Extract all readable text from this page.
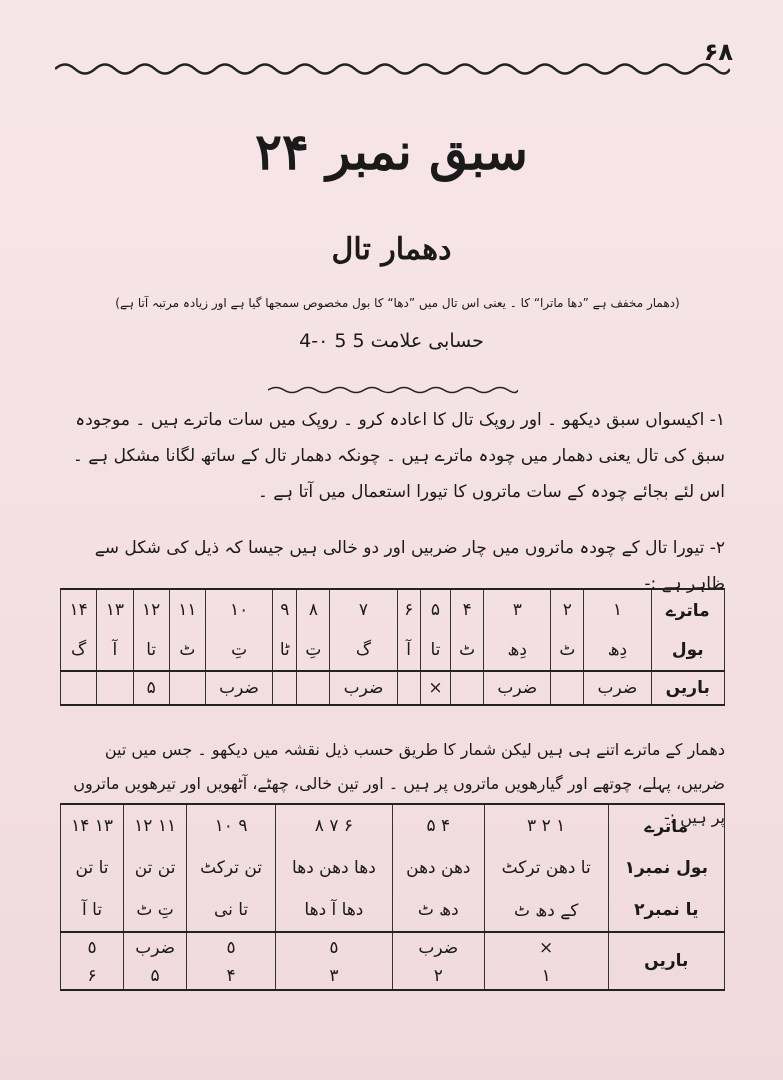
۶۸
سبق نمبر ۲۴
دھمار تال
(دھمار مخفف ہے ”دھا ماترا“ کا ۔ یعنی اس تال میں ”دھا“ کا بول مخصوص سمجھا گیا ہے اور زیادہ مرتبہ آتا ہے)
حسابی علامت 5 5 ٠-4
۱- اکیسواں سبق دیکھو ۔ اور روپک تال کا اعادہ کرو ۔ روپک میں سات ماترے ہیں ۔ موجودہ سبق کی تال یعنی دھمار میں چودہ ماترے ہیں ۔ چونکہ دھمار تال کے ساتھ لگانا مشکل ہے ۔ اس لئے بجائے چودہ کے سات ماتروں کا تیورا استعمال میں آتا ہے ۔
۲- تیورا تال کے چودہ ماتروں میں چار ضربیں اور دو خالی ہیں جیسا کہ ذیل کی شکل سے ظاہر ہے :-
ماترے	۱	۲	۳	۴	۵	۶	۷	۸	۹	۱۰	۱۱	۱۲	۱۳	۱۴
بول	دِھ	ٹ	دِھ	ٹ	تا	آ	گ	تِ	ٹا	تِ	ٹ	تا	آ	گ
باریں	ضرب		ضرب		×		ضرب			ضرب		۵		
دھمار کے ماترے اتنے ہی ہیں لیکن شمار کا طریق حسب ذیل نقشہ میں دیکھو ۔ جس میں تین ضربیں، پہلے، چوتھے اور گیارھویں ماتروں پر ہیں ۔ اور تین خالی، چھٹے، آٹھویں اور تیرھویں ماتروں پر ہیں :-
ماترے	۱ ۲ ۳	۴ ۵	۶ ۷ ۸	۹ ۱۰	۱۱ ۱۲	۱۳ ۱۴
بول نمبر۱	تا دھن ترکٹ	دھن دھن	دھا دھن دھا	تن ترکٹ	تن تن	تا تن
یا نمبر۲	کے دھ ٹ	دھ ٹ	دھا آ دھا	تا نی	تِ ٹ	تا آ
باریں	×	ضرب	٥	٥	ضرب	٥
	۱	۲	۳	۴	۵	۶
